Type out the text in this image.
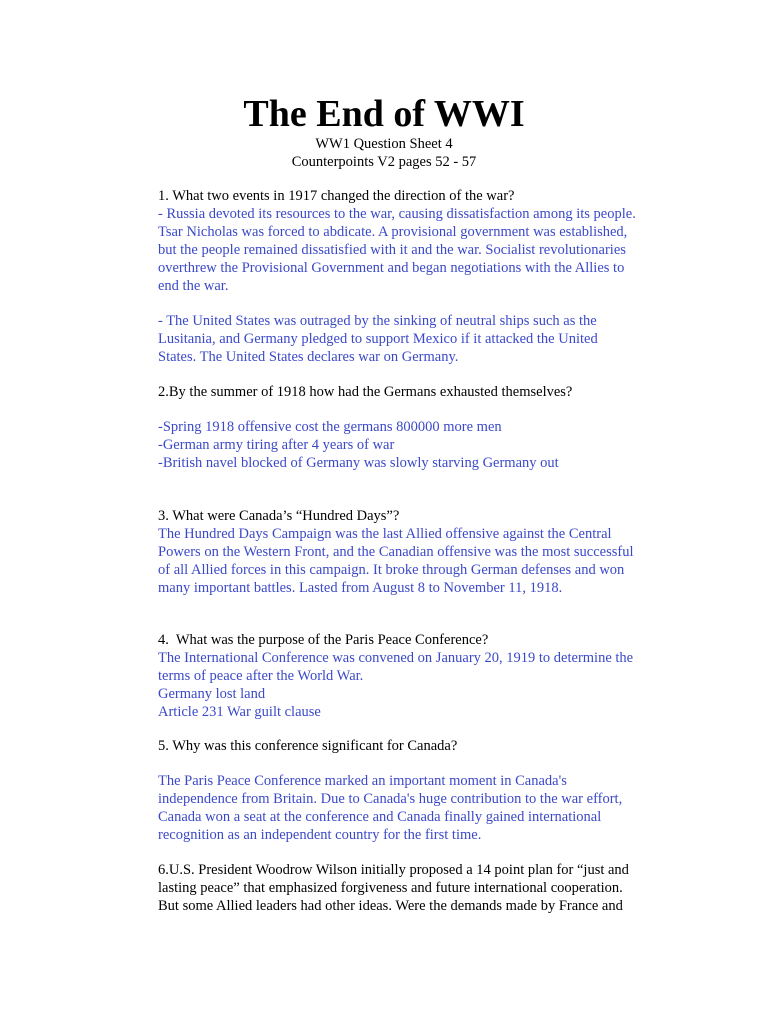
The End of WWI
WW1 Question Sheet 4
Counterpoints V2 pages 52 - 57
1. What two events in 1917 changed the direction of the war?
- Russia devoted its resources to the war, causing dissatisfaction among its people.
Tsar Nicholas was forced to abdicate. A provisional government was established,
but the people remained dissatisfied with it and the war. Socialist revolutionaries
overthrew the Provisional Government and began negotiations with the Allies to
end the war.
- The United States was outraged by the sinking of neutral ships such as the
Lusitania, and Germany pledged to support Mexico if it attacked the United
States. The United States declares war on Germany.
2.By the summer of 1918 how had the Germans exhausted themselves?
-Spring 1918 offensive cost the germans 800000 more men
-German army tiring after 4 years of war
-British navel blocked of Germany was slowly starving Germany out
3. What were Canada’s “Hundred Days”?
The Hundred Days Campaign was the last Allied offensive against the Central
Powers on the Western Front, and the Canadian offensive was the most successful
of all Allied forces in this campaign. It broke through German defenses and won
many important battles. Lasted from August 8 to November 11, 1918.
4.  What was the purpose of the Paris Peace Conference?
The International Conference was convened on January 20, 1919 to determine the
terms of peace after the World War.
Germany lost land
Article 231 War guilt clause
5. Why was this conference significant for Canada?
The Paris Peace Conference marked an important moment in Canada's
independence from Britain. Due to Canada's huge contribution to the war effort,
Canada won a seat at the conference and Canada finally gained international
recognition as an independent country for the first time.
6.U.S. President Woodrow Wilson initially proposed a 14 point plan for “just and
lasting peace” that emphasized forgiveness and future international cooperation.
But some Allied leaders had other ideas. Were the demands made by France and
